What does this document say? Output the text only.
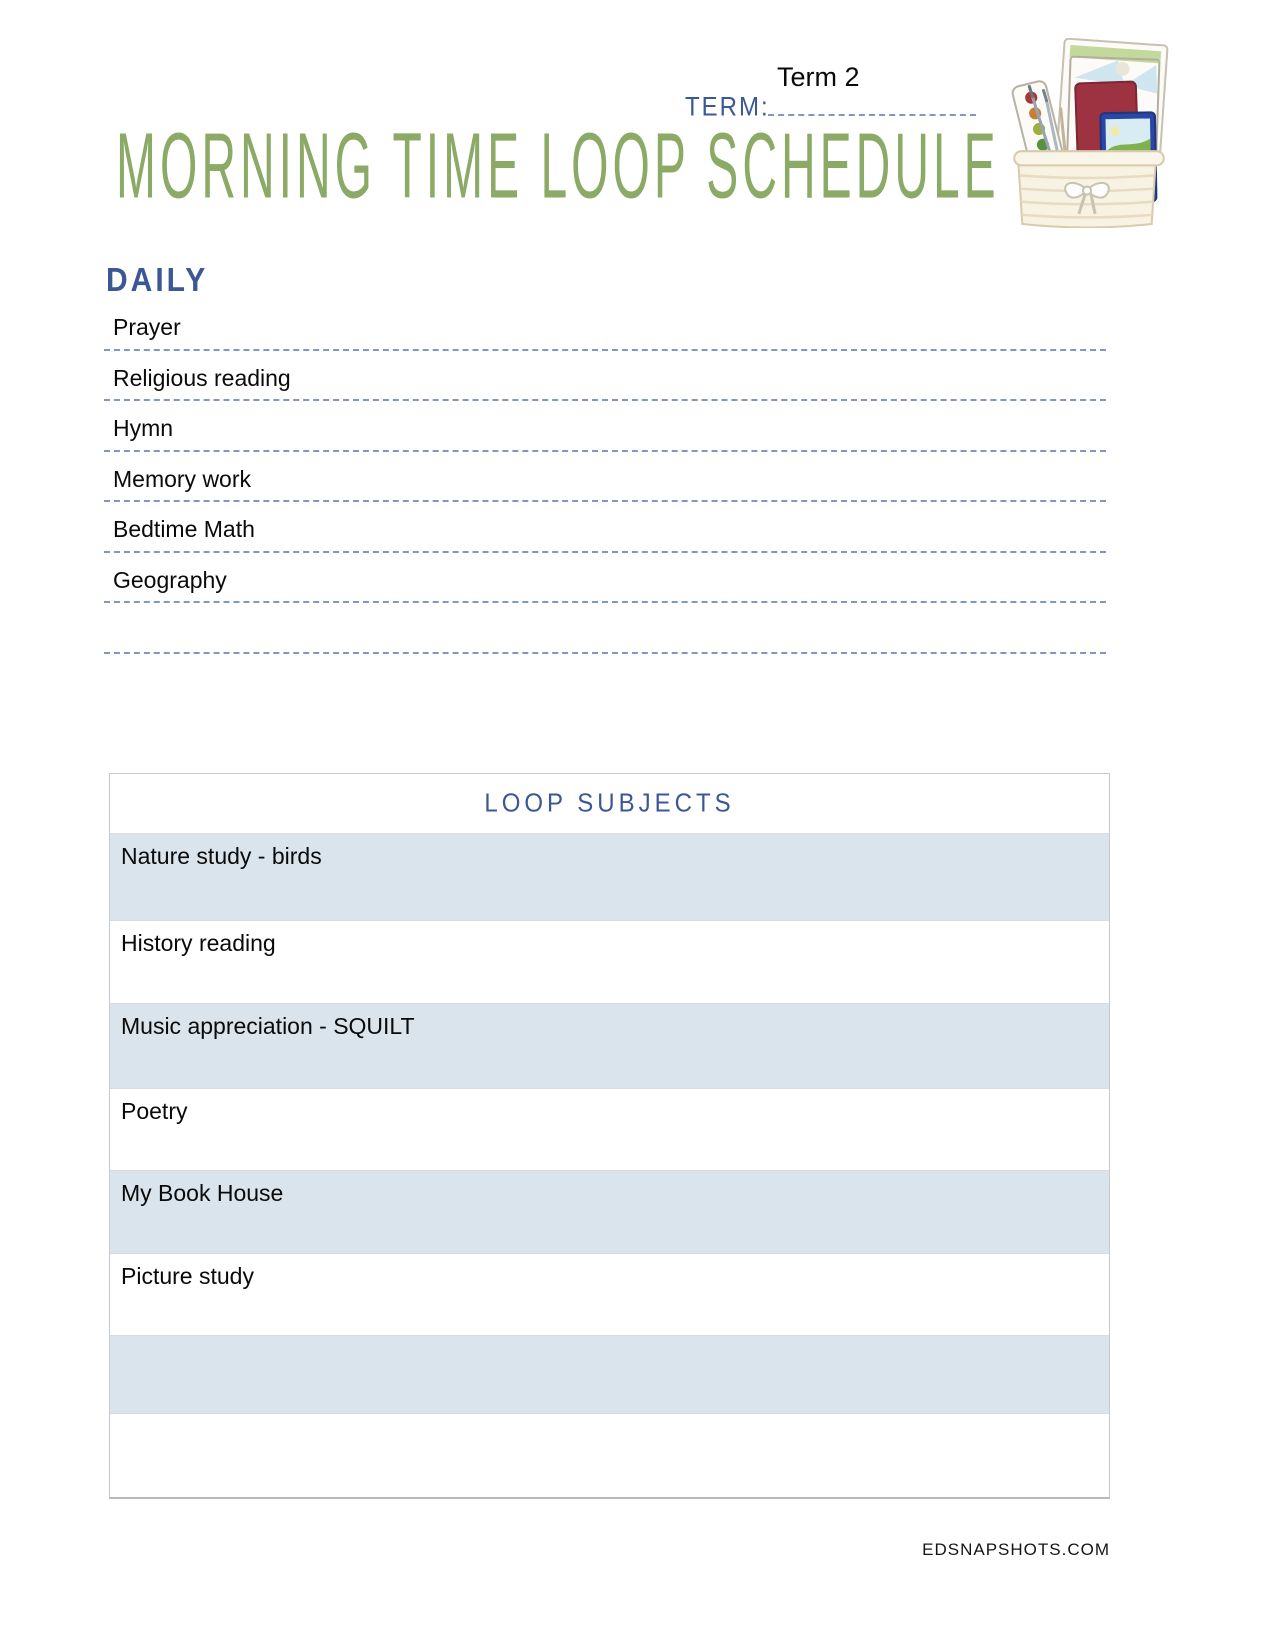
Term 2
TERM:
MORNING TIME LOOP SCHEDULE
DAILY
Prayer
Religious reading
Hymn
Memory work
Bedtime Math
Geography
LOOP SUBJECTS
Nature study - birds
History reading
Music appreciation - SQUILT
Poetry
My Book House
Picture study
EDSNAPSHOTS.COM
